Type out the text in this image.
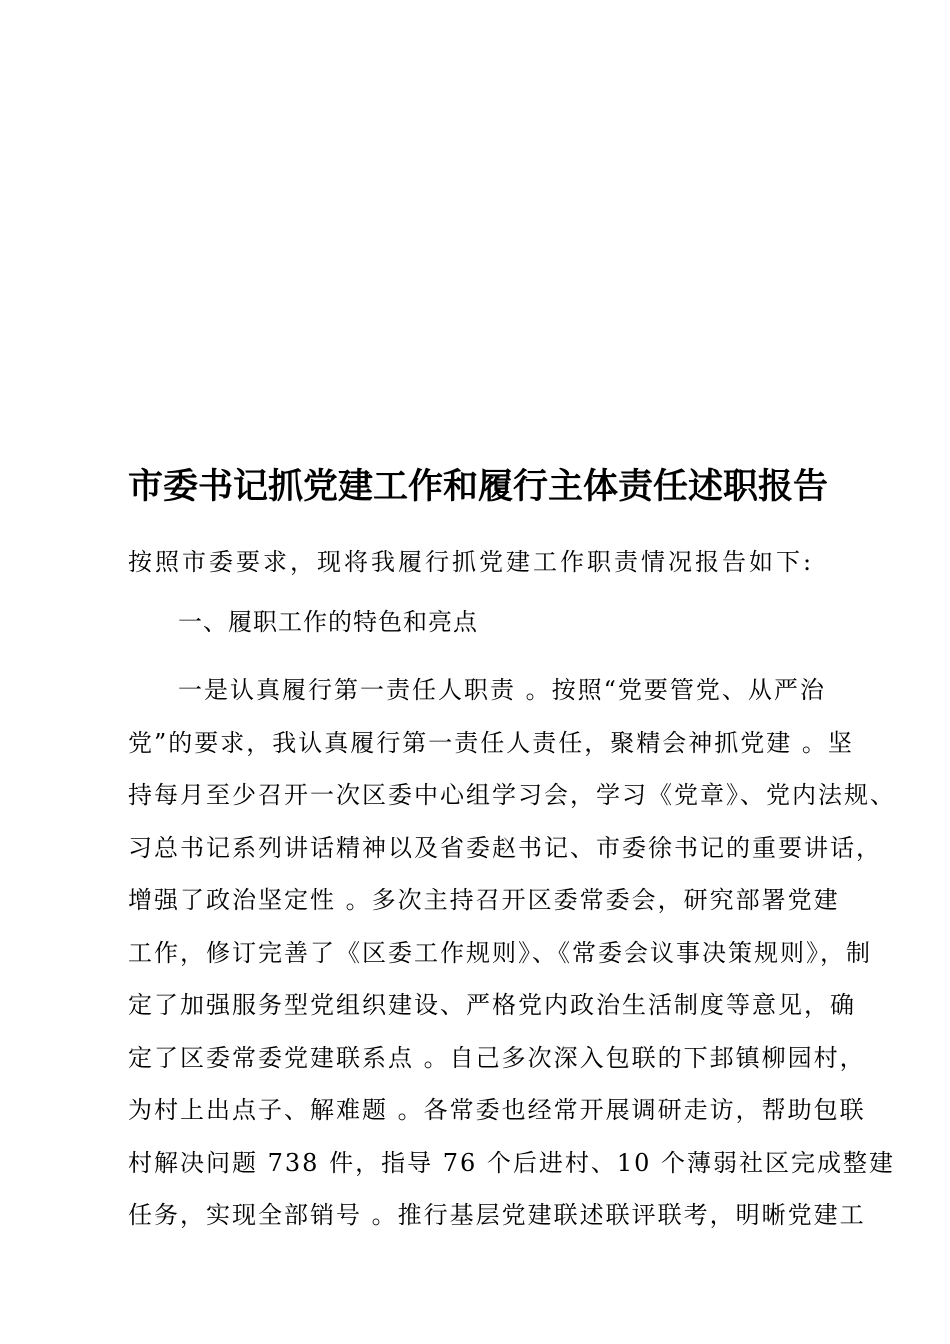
市委书记抓党建工作和履行主体责任述职报告
按照市委要求，现将我履行抓党建工作职责情况报告如下:
一、履职工作的特色和亮点
一是认真履行第一责任人职责 。按照“党要管党、从严治
党”的要求，我认真履行第一责任人责任，聚精会神抓党建 。坚
持每月至少召开一次区委中心组学习会，学习《党章》、党内法规、
习总书记系列讲话精神以及省委赵书记、市委徐书记的重要讲话，
增强了政治坚定性 。多次主持召开区委常委会，研究部署党建
工作，修订完善了《区委工作规则》、《常委会议事决策规则》，制
定了加强服务型党组织建设、严格党内政治生活制度等意见，确
定了区委常委党建联系点 。自己多次深入包联的下邽镇柳园村，
为村上出点子、解难题 。各常委也经常开展调研走访，帮助包联
村解决问题 738 件，指导 76 个后进村、10 个薄弱社区完成整建
任务，实现全部销号 。推行基层党建联述联评联考，明晰党建工
